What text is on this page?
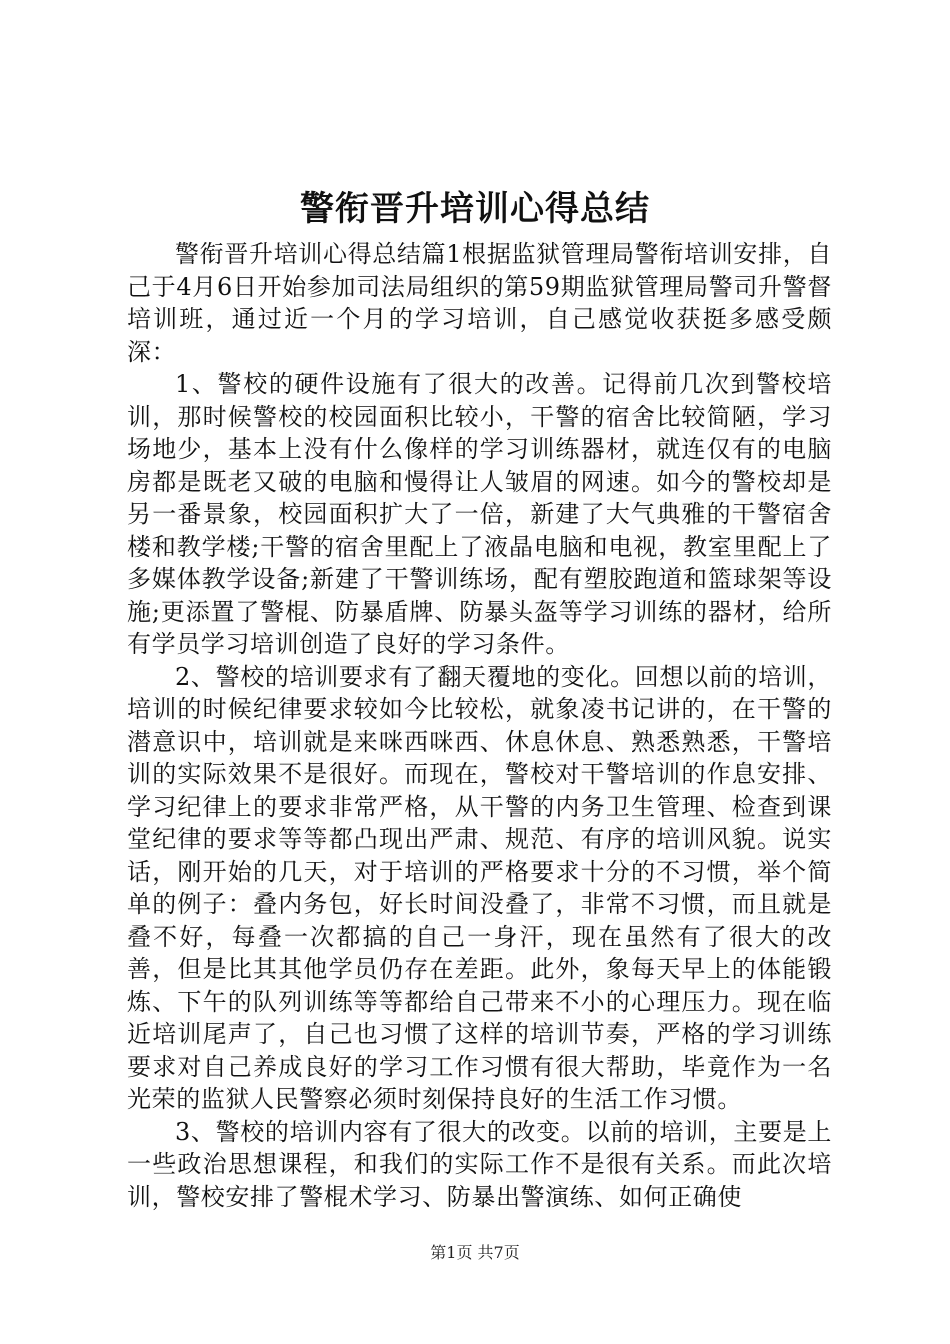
警衔晋升培训心得总结

警衔晋升培训心得总结篇1根据监狱管理局警衔培训安排，自己于4月6日开始参加司法局组织的第59期监狱管理局警司升警督培训班，通过近一个月的学习培训，自己感觉收获挺多感受颇深：

1、警校的硬件设施有了很大的改善。记得前几次到警校培训，那时候警校的校园面积比较小，干警的宿舍比较简陋，学习场地少，基本上没有什么像样的学习训练器材，就连仅有的电脑房都是既老又破的电脑和慢得让人皱眉的网速。如今的警校却是另一番景象，校园面积扩大了一倍，新建了大气典雅的干警宿舍楼和教学楼;干警的宿舍里配上了液晶电脑和电视，教室里配上了多媒体教学设备;新建了干警训练场，配有塑胶跑道和篮球架等设施;更添置了警棍、防暴盾牌、防暴头盔等学习训练的器材，给所有学员学习培训创造了良好的学习条件。

2、警校的培训要求有了翻天覆地的变化。回想以前的培训，培训的时候纪律要求较如今比较松，就象凌书记讲的，在干警的潜意识中，培训就是来咪西咪西、休息休息、熟悉熟悉，干警培训的实际效果不是很好。而现在，警校对干警培训的作息安排、学习纪律上的要求非常严格，从干警的内务卫生管理、检查到课堂纪律的要求等等都凸现出严肃、规范、有序的培训风貌。说实话，刚开始的几天，对于培训的严格要求十分的不习惯，举个简单的例子：叠内务包，好长时间没叠了，非常不习惯，而且就是叠不好，每叠一次都搞的自己一身汗，现在虽然有了很大的改善，但是比其其他学员仍存在差距。此外，象每天早上的体能锻炼、下午的队列训练等等都给自己带来不小的心理压力。现在临近培训尾声了，自己也习惯了这样的培训节奏，严格的学习训练要求对自己养成良好的学习工作习惯有很大帮助，毕竟作为一名光荣的监狱人民警察必须时刻保持良好的生活工作习惯。

3、警校的培训内容有了很大的改变。以前的培训，主要是上一些政治思想课程，和我们的实际工作不是很有关系。而此次培训，警校安排了警棍术学习、防暴出警演练、如何正确使

第1页 共7页
